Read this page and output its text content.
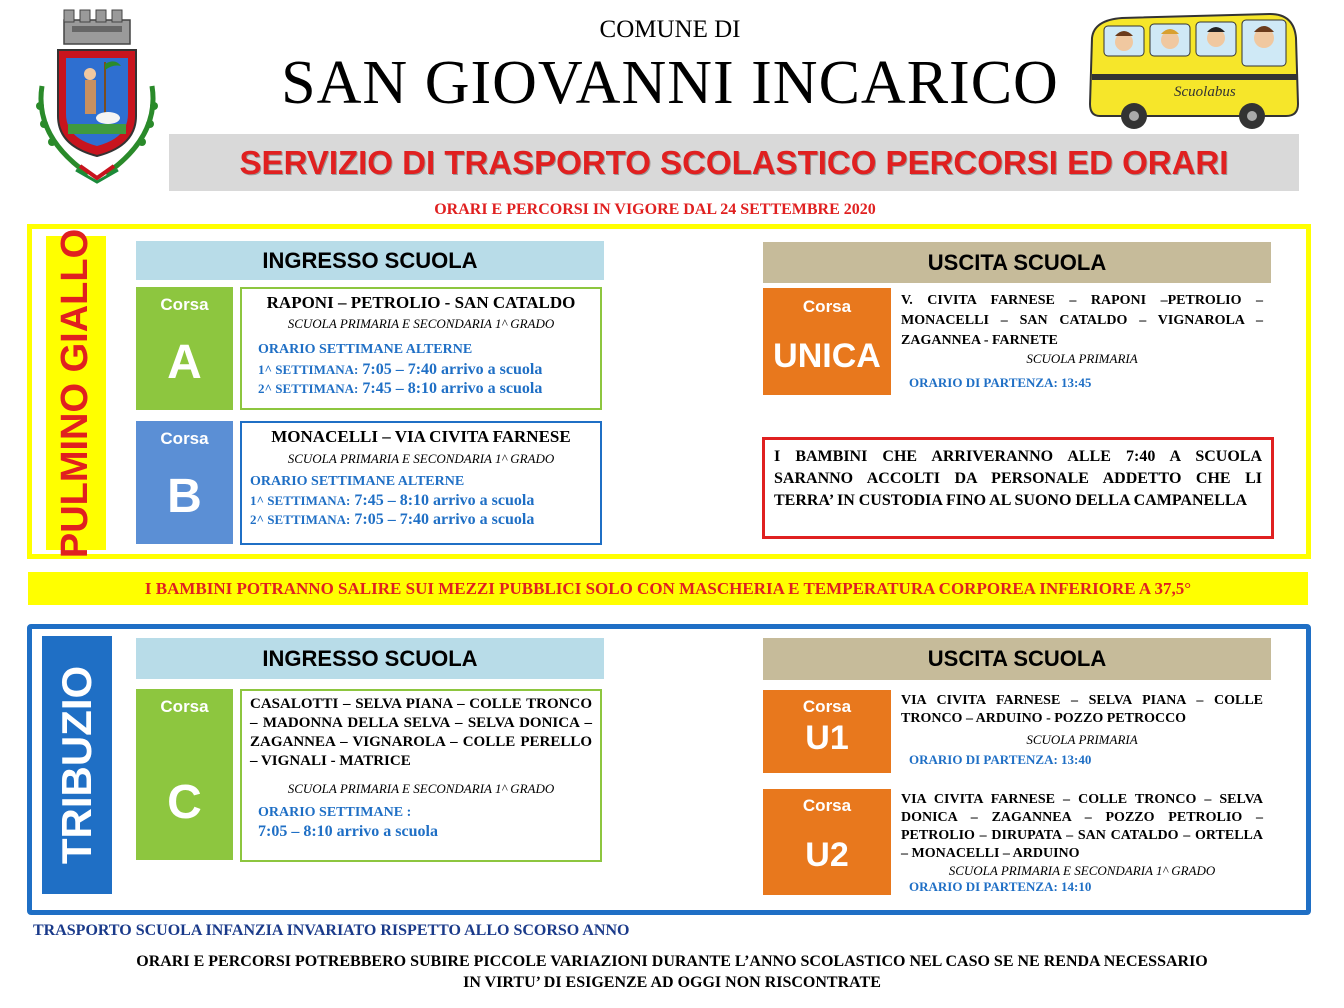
COMUNE DI
SAN GIOVANNI INCARICO	Scuolabus
SERVIZIO DI TRASPORTO SCOLASTICO PERCORSI ED ORARI
ORARI E PERCORSI IN VIGORE DAL 24 SETTEMBRE 2020
PULMINO GIALLO	INGRESSO SCUOLA	USCITA SCUOLA
Corsa
A
RAPONI – PETROLIO - SAN CATALDO
SCUOLA PRIMARIA E SECONDARIA 1^ GRADO
ORARIO SETTIMANE ALTERNE
1^ SETTIMANA: 7:05 – 7:40 arrivo a scuola
2^ SETTIMANA: 7:45 – 8:10 arrivo a scuola
Corsa
B
MONACELLI – VIA CIVITA FARNESE
SCUOLA PRIMARIA E SECONDARIA 1^ GRADO
ORARIO SETTIMANE ALTERNE
1^ SETTIMANA: 7:45 – 8:10 arrivo a scuola
2^ SETTIMANA: 7:05 – 7:40 arrivo a scuola
Corsa
UNICA
V. CIVITA FARNESE – RAPONI –PETROLIO – MONACELLI – SAN CATALDO – VIGNAROLA – ZAGANNEA - FARNETE
SCUOLA PRIMARIA
ORARIO DI PARTENZA: 13:45
I BAMBINI CHE ARRIVERANNO ALLE 7:40 A SCUOLA SARANNO ACCOLTI DA PERSONALE ADDETTO CHE LI TERRA’ IN CUSTODIA FINO AL SUONO DELLA CAMPANELLA
I BAMBINI POTRANNO SALIRE SUI MEZZI PUBBLICI SOLO CON MASCHERIA E TEMPERATURA CORPOREA INFERIORE A 37,5°
TRIBUZIO
INGRESSO SCUOLA	USCITA SCUOLA
Corsa
C
CASALOTTI – SELVA PIANA – COLLE TRONCO – MADONNA DELLA SELVA – SELVA DONICA – ZAGANNEA – VIGNAROLA – COLLE PERELLO – VIGNALI - MATRICE
SCUOLA PRIMARIA E SECONDARIA 1^ GRADO
ORARIO SETTIMANE :
7:05 – 8:10 arrivo a scuola
Corsa
U1
VIA CIVITA FARNESE – SELVA PIANA – COLLE TRONCO – ARDUINO - POZZO PETROCCO
SCUOLA PRIMARIA
ORARIO DI PARTENZA: 13:40
Corsa
U2
VIA CIVITA FARNESE – COLLE TRONCO – SELVA DONICA – ZAGANNEA – POZZO PETROLIO – PETROLIO – DIRUPATA – SAN CATALDO – ORTELLA – MONACELLI – ARDUINO
SCUOLA PRIMARIA E SECONDARIA 1^ GRADO
ORARIO DI PARTENZA: 14:10
TRASPORTO SCUOLA INFANZIA INVARIATO RISPETTO ALLO SCORSO ANNO
ORARI E PERCORSI POTREBBERO SUBIRE PICCOLE VARIAZIONI DURANTE L’ANNO SCOLASTICO NEL CASO SE NE RENDA NECESSARIO
IN VIRTU’ DI ESIGENZE AD OGGI NON RISCONTRATE
